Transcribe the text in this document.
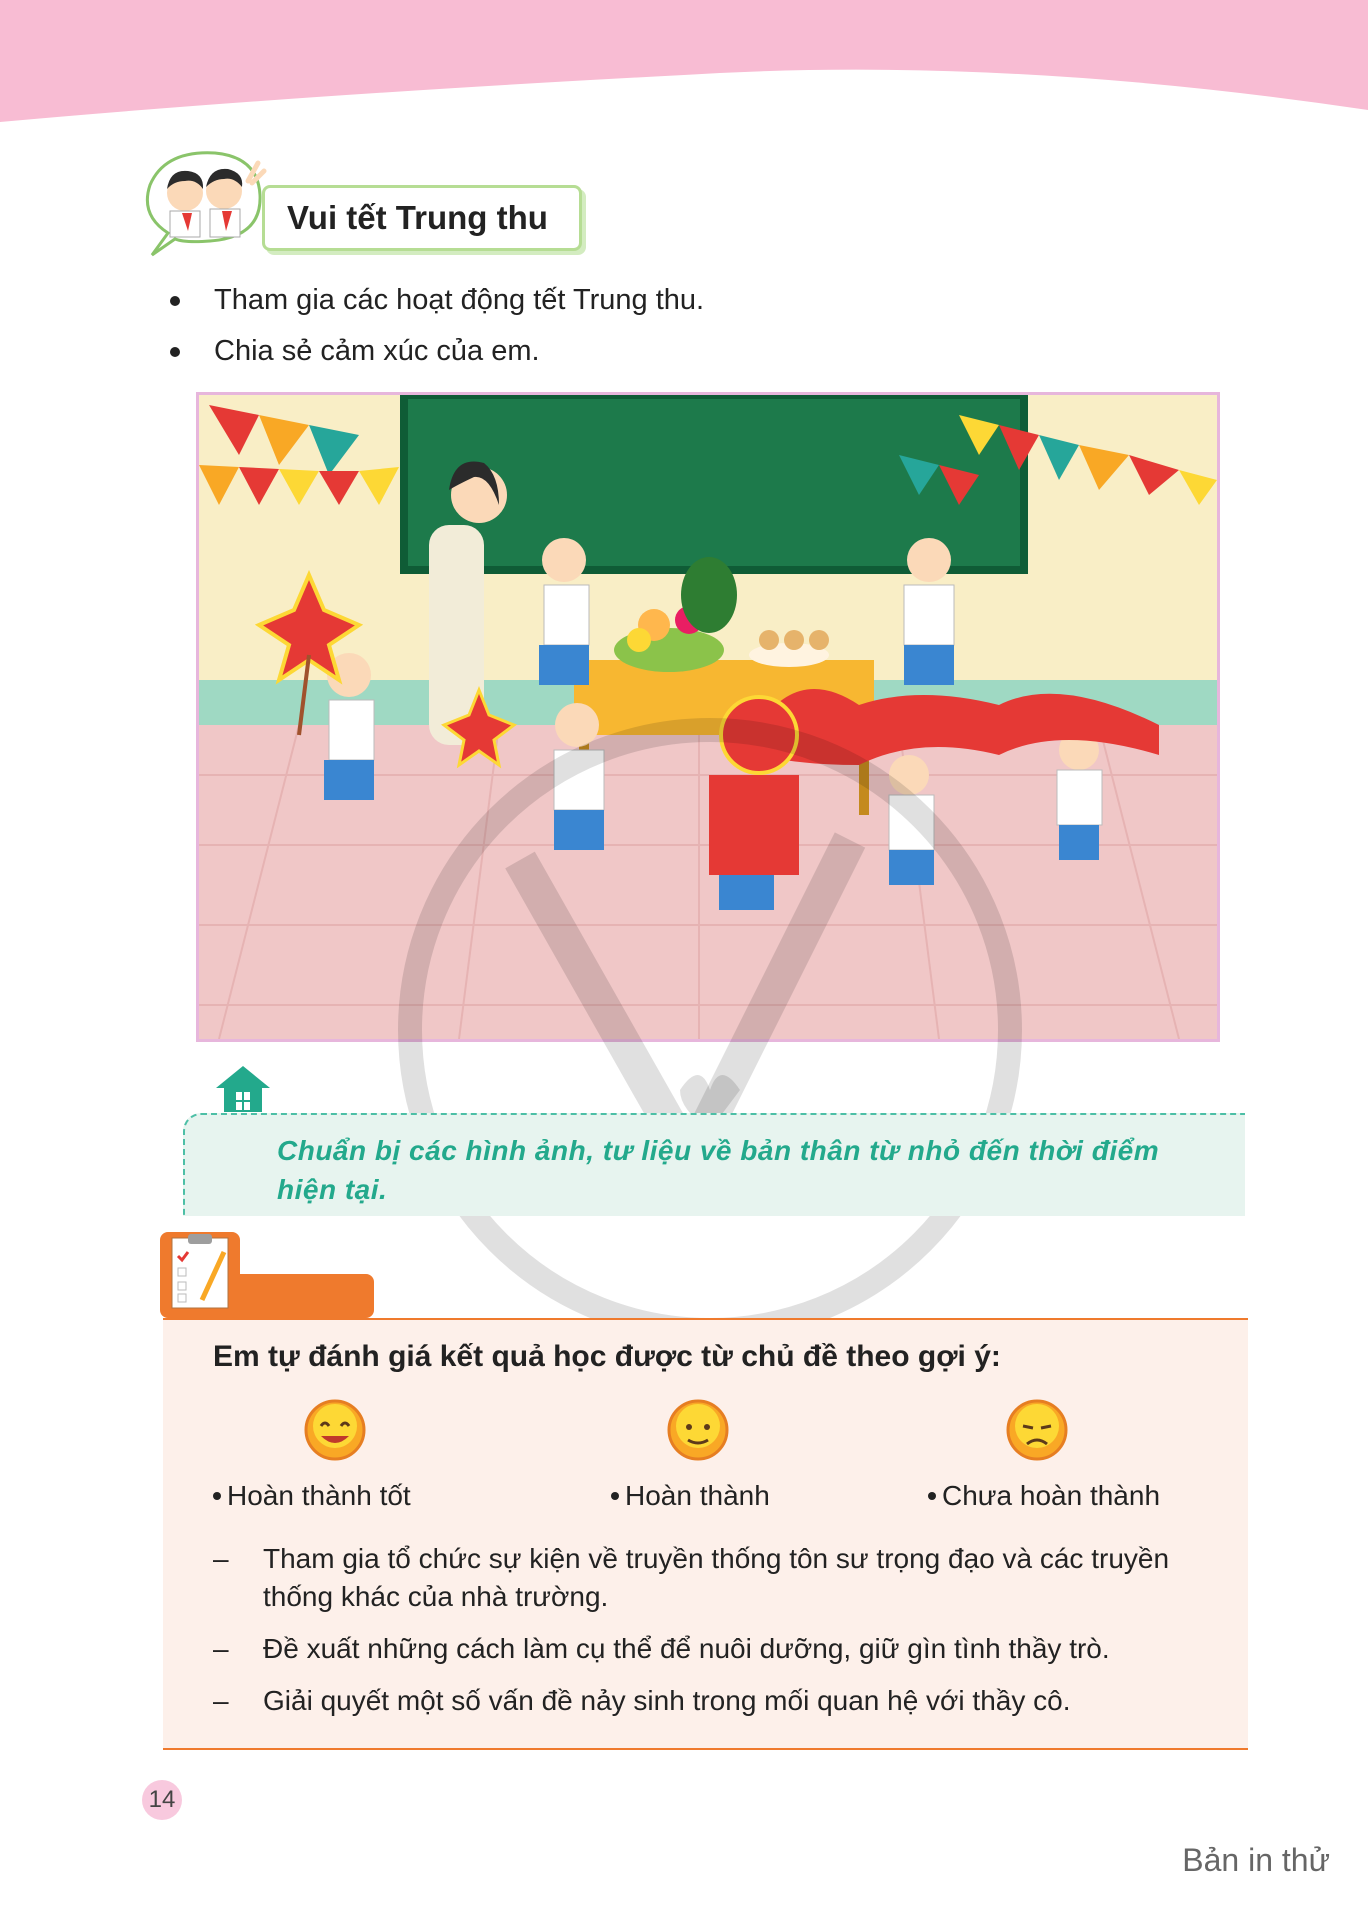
Vui tết Trung thu
Tham gia các hoạt động tết Trung thu.
Chia sẻ cảm xúc của em.
Chuẩn bị các hình ảnh, tư liệu về bản thân từ nhỏ đến thời điểm hiện tại.
Em tự đánh giá kết quả học được từ chủ đề theo gợi ý:
Hoàn thành tốt	Hoàn thành	Chưa hoàn thành
– Tham gia tổ chức sự kiện về truyền thống tôn sư trọng đạo và các truyền thống khác của nhà trường.
– Đề xuất những cách làm cụ thể để nuôi dưỡng, giữ gìn tình thầy trò.
– Giải quyết một số vấn đề nảy sinh trong mối quan hệ với thầy cô.
14
Bản in thử
